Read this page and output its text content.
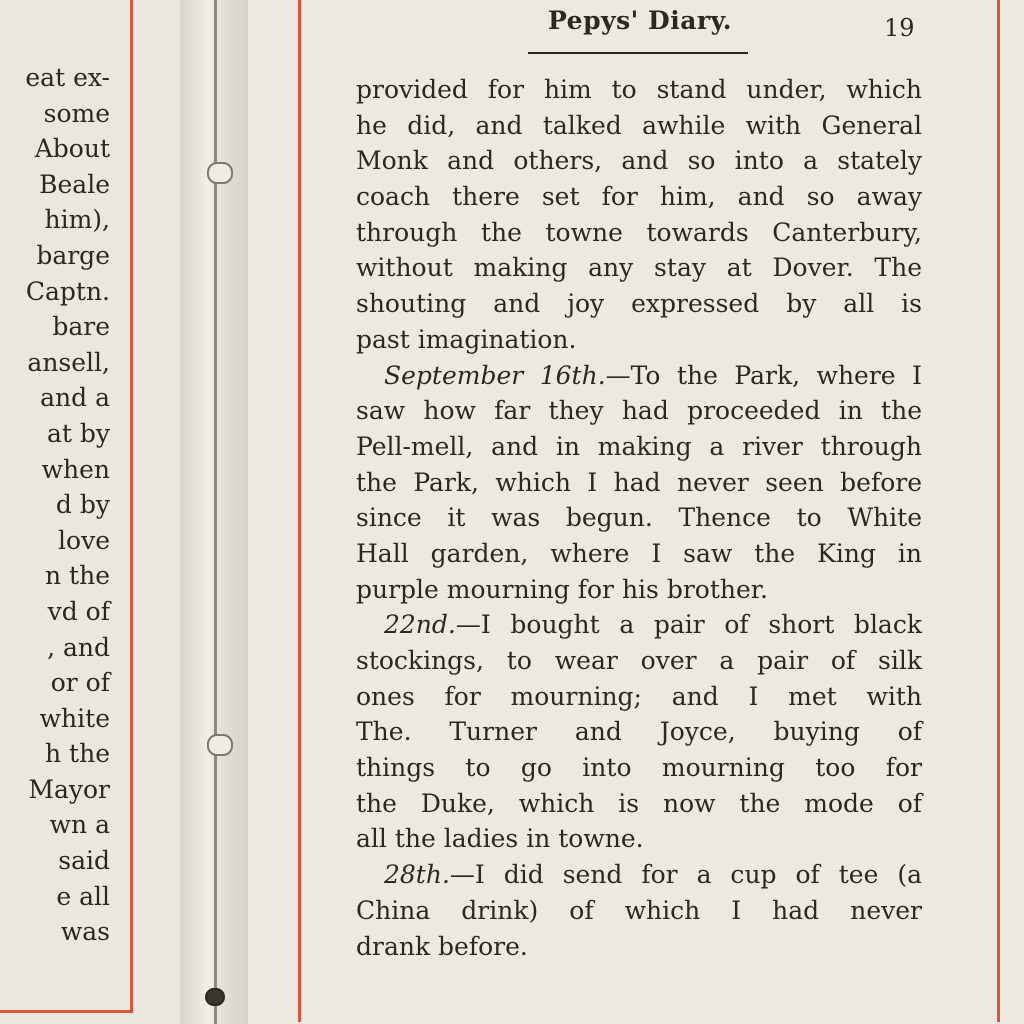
eat ex-
some
About
Beale
him),
barge
Captn.
bare
ansell,
and a
at by
when
d by
love
n the
vd of
, and
or of
white
h the
Mayor
wn a
said
e all
was
Pepys' Diary.	19
provided for him to stand under, which
he did, and talked awhile with General
Monk and others, and so into a stately
coach there set for him, and so away
through the towne towards Canterbury,
without making any stay at Dover. The
shouting and joy expressed by all is
past imagination.
September 16th.—To the Park, where I
saw how far they had proceeded in the
Pell-mell, and in making a river through
the Park, which I had never seen before
since it was begun. Thence to White
Hall garden, where I saw the King in
purple mourning for his brother.
22nd.—I bought a pair of short black
stockings, to wear over a pair of silk
ones for mourning; and I met with
The. Turner and Joyce, buying of
things to go into mourning too for
the Duke, which is now the mode of
all the ladies in towne.
28th.—I did send for a cup of tee (a
China drink) of which I had never
drank before.
